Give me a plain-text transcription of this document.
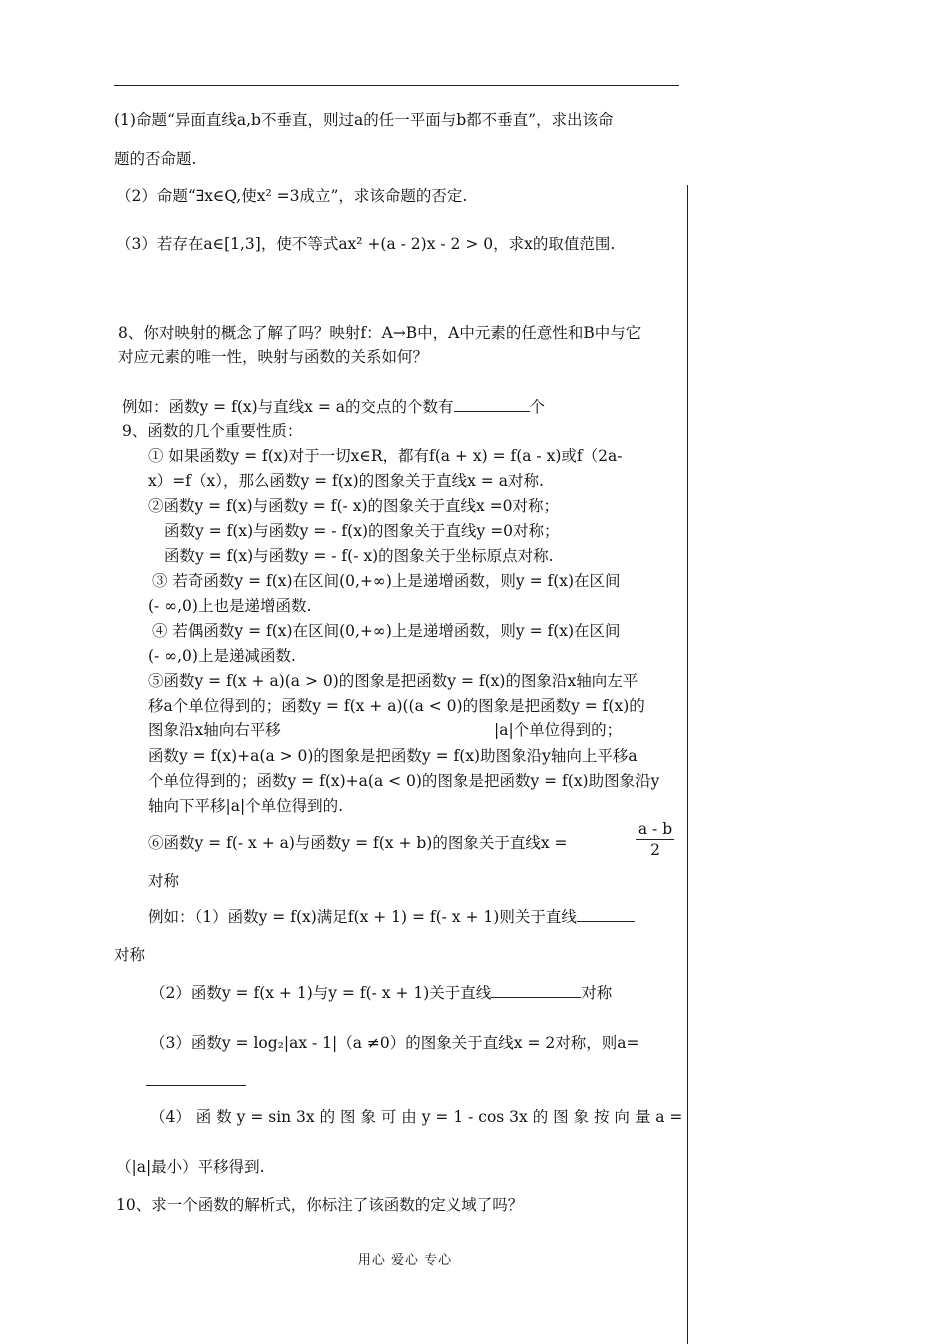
(1)命题“异面直线a,b不垂直，则过a的任一平面与b都不垂直”，求出该命
题的否命题.
（2）命题“∃x∈Q,使x² =3成立”，求该命题的否定.
（3）若存在a∈[1,3]，使不等式ax² +(a - 2)x - 2 > 0，求x的取值范围.
8、你对映射的概念了解了吗？映射f：A→B中，A中元素的任意性和B中与它
对应元素的唯一性，映射与函数的关系如何？
例如：函数y = f(x)与直线x = a的交点的个数有	个
9、函数的几个重要性质：
① 如果函数y = f(x)对于一切x∈R，都有f(a + x) = f(a - x)或f（2a-
x）=f（x），那么函数y = f(x)的图象关于直线x = a对称.
②函数y = f(x)与函数y = f(- x)的图象关于直线x =0对称；
函数y = f(x)与函数y = - f(x)的图象关于直线y =0对称；
函数y = f(x)与函数y = - f(- x)的图象关于坐标原点对称.
③ 若奇函数y = f(x)在区间(0,+∞)上是递增函数，则y = f(x)在区间
(- ∞,0)上也是递增函数.
④ 若偶函数y = f(x)在区间(0,+∞)上是递增函数，则y = f(x)在区间
(- ∞,0)上是递减函数.
⑤函数y = f(x + a)(a > 0)的图象是把函数y = f(x)的图象沿x轴向左平
移a个单位得到的；函数y = f(x + a)((a < 0)的图象是把函数y = f(x)的
图象沿x轴向右平移	|a|个单位得到的；
函数y = f(x)+a(a > 0)的图象是把函数y = f(x)助图象沿y轴向上平移a
个单位得到的；函数y = f(x)+a(a < 0)的图象是把函数y = f(x)助图象沿y
轴向下平移|a|个单位得到的.
⑥函数y = f(- x + a)与函数y = f(x + b)的图象关于直线x =	$\frac{a - b}{2}$
对称
例如：（1）函数y = f(x)满足f(x + 1) = f(- x + 1)则关于直线
对称
（2）函数y = f(x + 1)与y = f(- x + 1)关于直线	对称
（3）函数y = log₂|ax - 1|（a ≠0）的图象关于直线x = 2对称，则a=
（4） 函 数 y = sin 3x 的 图 象 可 由 y = 1 - cos 3x 的 图 象 按 向 量 a =
（|a|最小）平移得到.
10、求一个函数的解析式，你标注了该函数的定义域了吗？
用心 爱心 专心
